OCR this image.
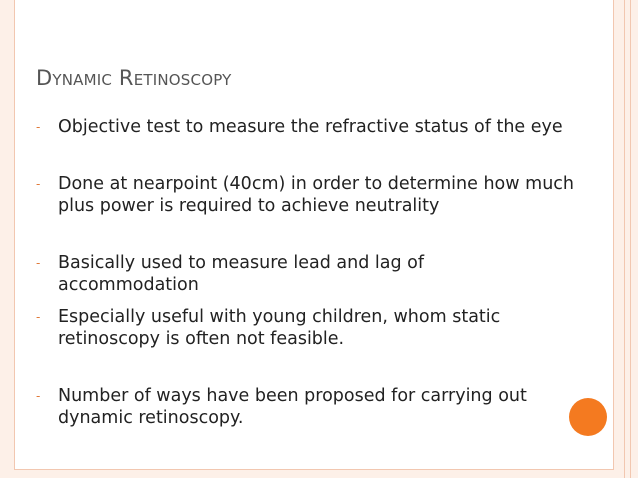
Dynamic Retinoscopy
- Objective test to measure the refractive status of the eye
- Done at nearpoint (40cm) in order to determine how much plus power is required to achieve neutrality
- Basically used to measure lead and lag of accommodation
- Especially useful with young children, whom static retinoscopy is often not feasible.
- Number of ways have been proposed for carrying out dynamic retinoscopy.
